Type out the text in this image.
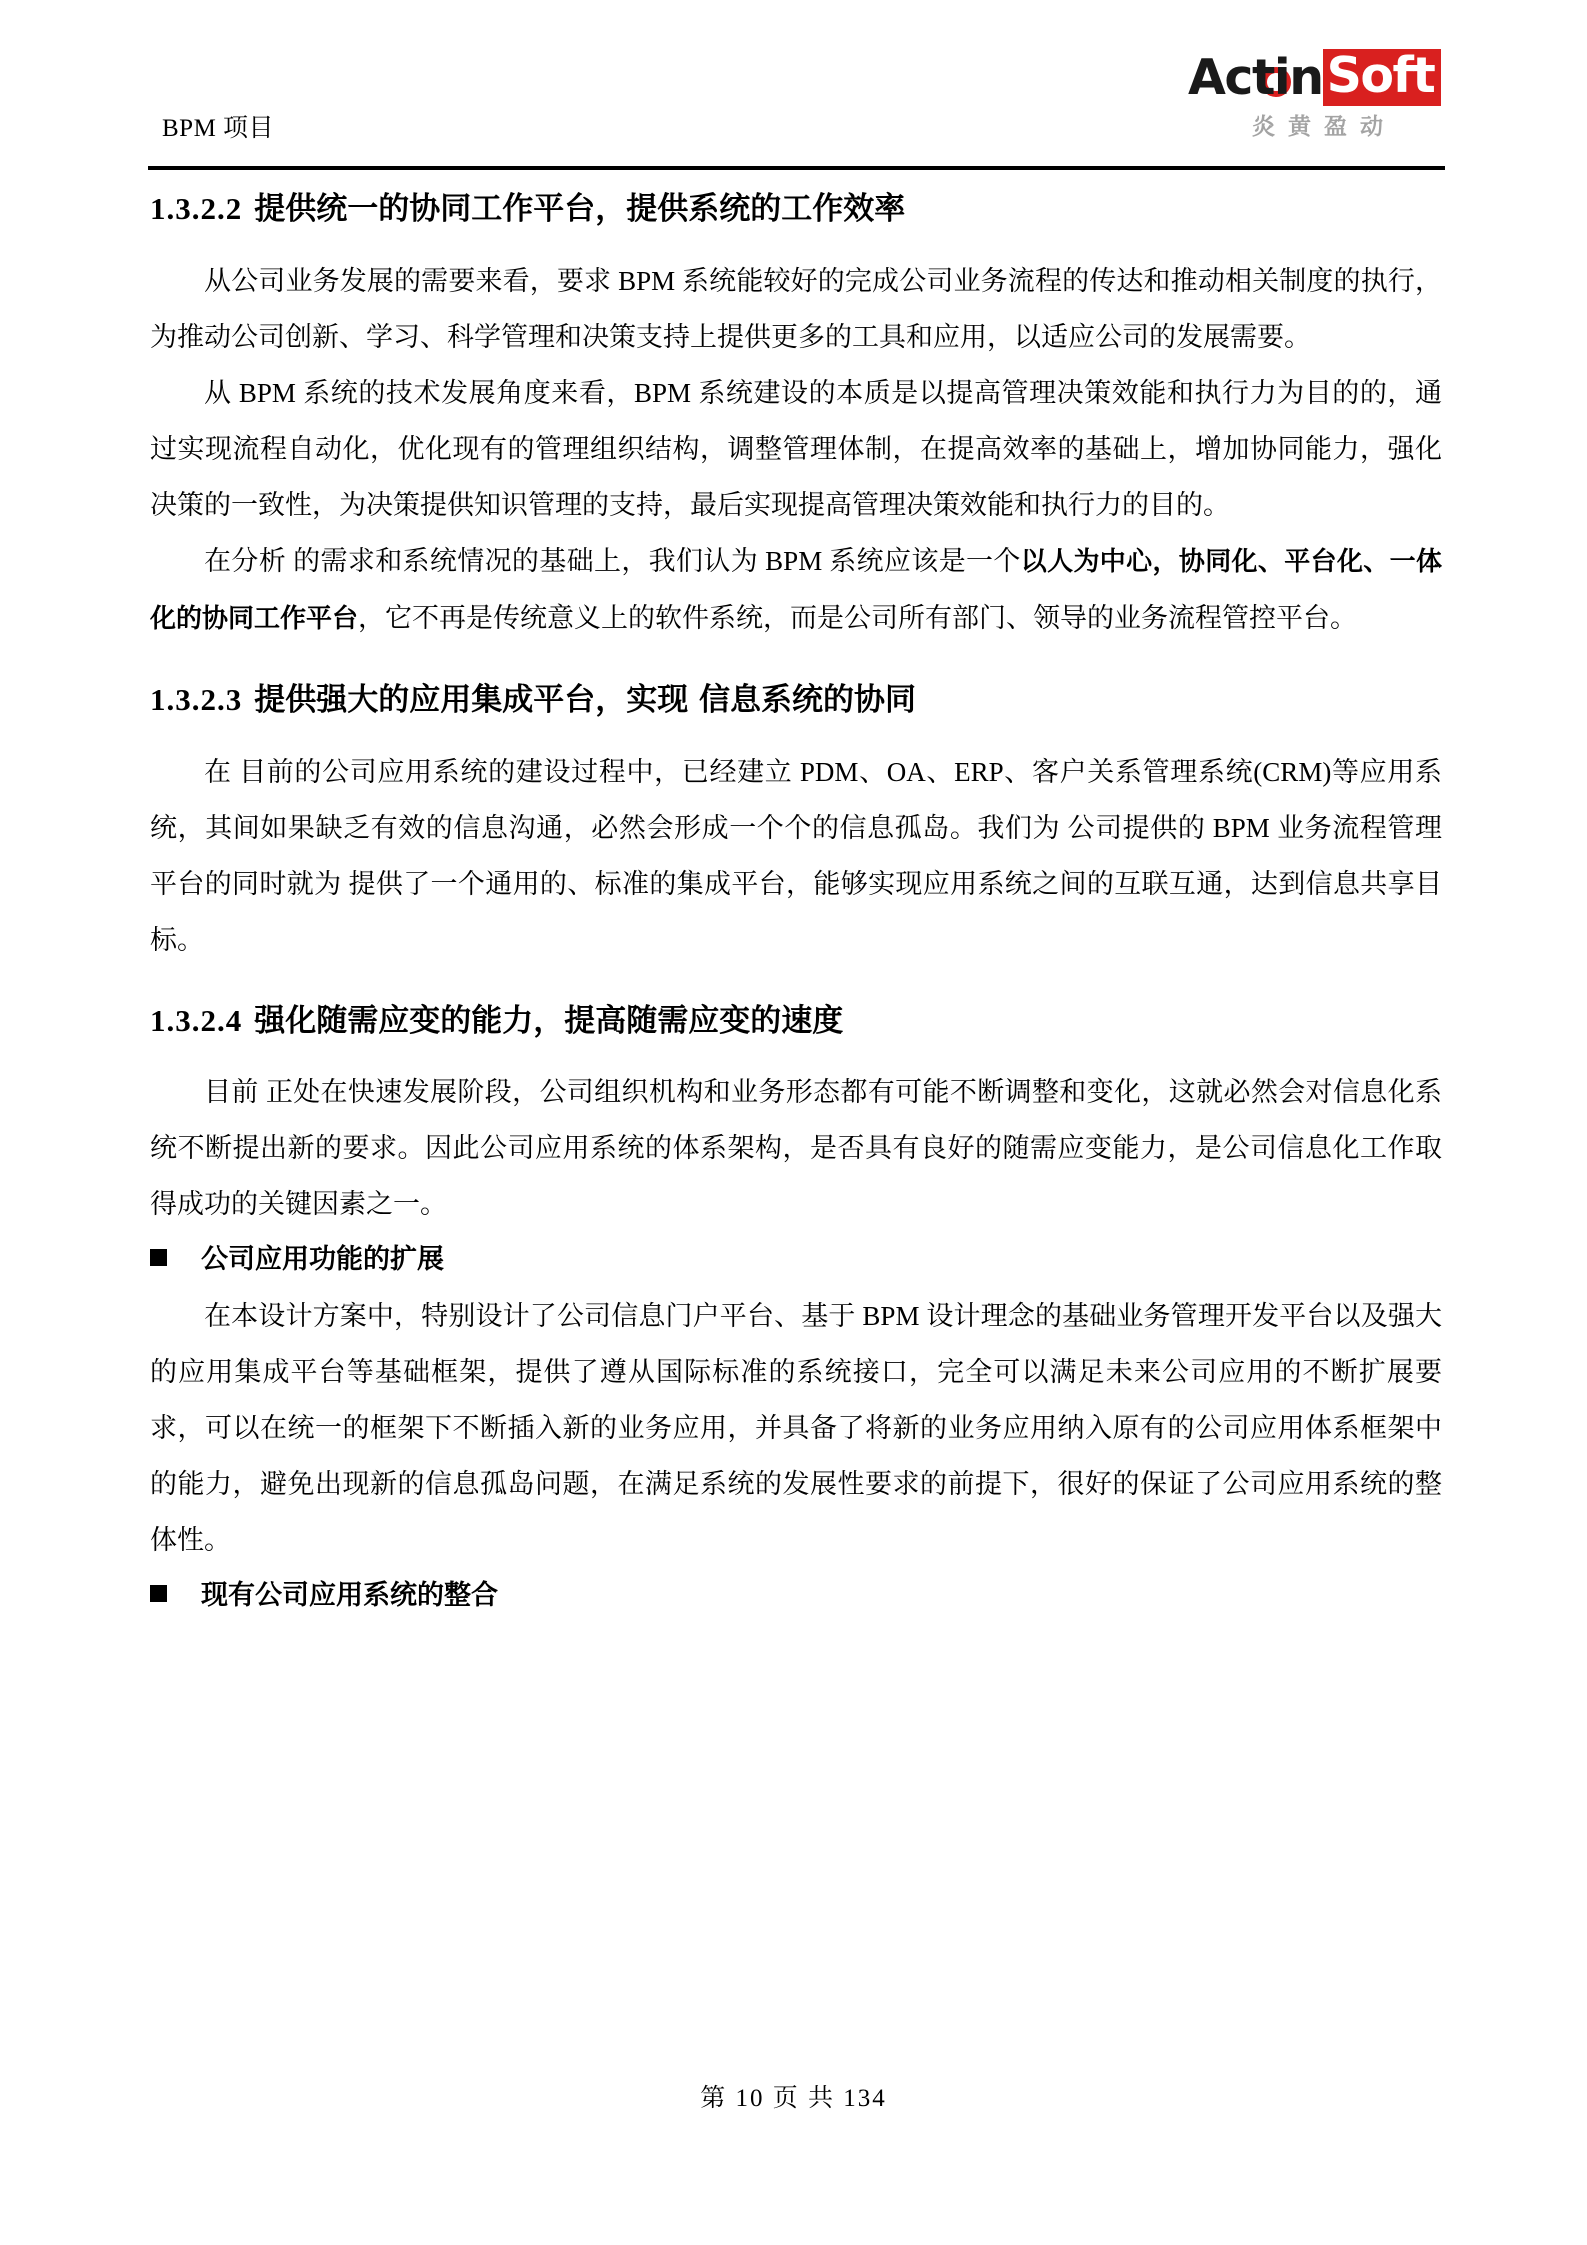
BPM 项目
Actin Soft
炎黄盈动
1.3.2.2 提供统一的协同工作平台，提供系统的工作效率

从公司业务发展的需要来看，要求 BPM 系统能较好的完成公司业务流程的传达和推动相关制度的执行，为推动公司创新、学习、科学管理和决策支持上提供更多的工具和应用，以适应公司的发展需要。

从 BPM 系统的技术发展角度来看，BPM 系统建设的本质是以提高管理决策效能和执行力为目的的，通过实现流程自动化，优化现有的管理组织结构，调整管理体制，在提高效率的基础上，增加协同能力，强化决策的一致性，为决策提供知识管理的支持，最后实现提高管理决策效能和执行力的目的。

在分析 的需求和系统情况的基础上，我们认为 BPM 系统应该是一个以人为中心，协同化、平台化、一体化的协同工作平台，它不再是传统意义上的软件系统，而是公司所有部门、领导的业务流程管控平台。

1.3.2.3 提供强大的应用集成平台，实现 信息系统的协同

在 目前的公司应用系统的建设过程中，已经建立 PDM、OA、ERP、客户关系管理系统(CRM)等应用系统，其间如果缺乏有效的信息沟通，必然会形成一个个的信息孤岛。我们为 公司提供的 BPM 业务流程管理平台的同时就为 提供了一个通用的、标准的集成平台，能够实现应用系统之间的互联互通，达到信息共享目标。

1.3.2.4 强化随需应变的能力，提高随需应变的速度

目前 正处在快速发展阶段，公司组织机构和业务形态都有可能不断调整和变化，这就必然会对信息化系统不断提出新的要求。因此公司应用系统的体系架构，是否具有良好的随需应变能力，是公司信息化工作取得成功的关键因素之一。

公司应用功能的扩展

在本设计方案中，特别设计了公司信息门户平台、基于 BPM 设计理念的基础业务管理开发平台以及强大的应用集成平台等基础框架，提供了遵从国际标准的系统接口，完全可以满足未来公司应用的不断扩展要求，可以在统一的框架下不断插入新的业务应用，并具备了将新的业务应用纳入原有的公司应用体系框架中的能力，避免出现新的信息孤岛问题，在满足系统的发展性要求的前提下，很好的保证了公司应用系统的整体性。

现有公司应用系统的整合
第 10 页 共 134
